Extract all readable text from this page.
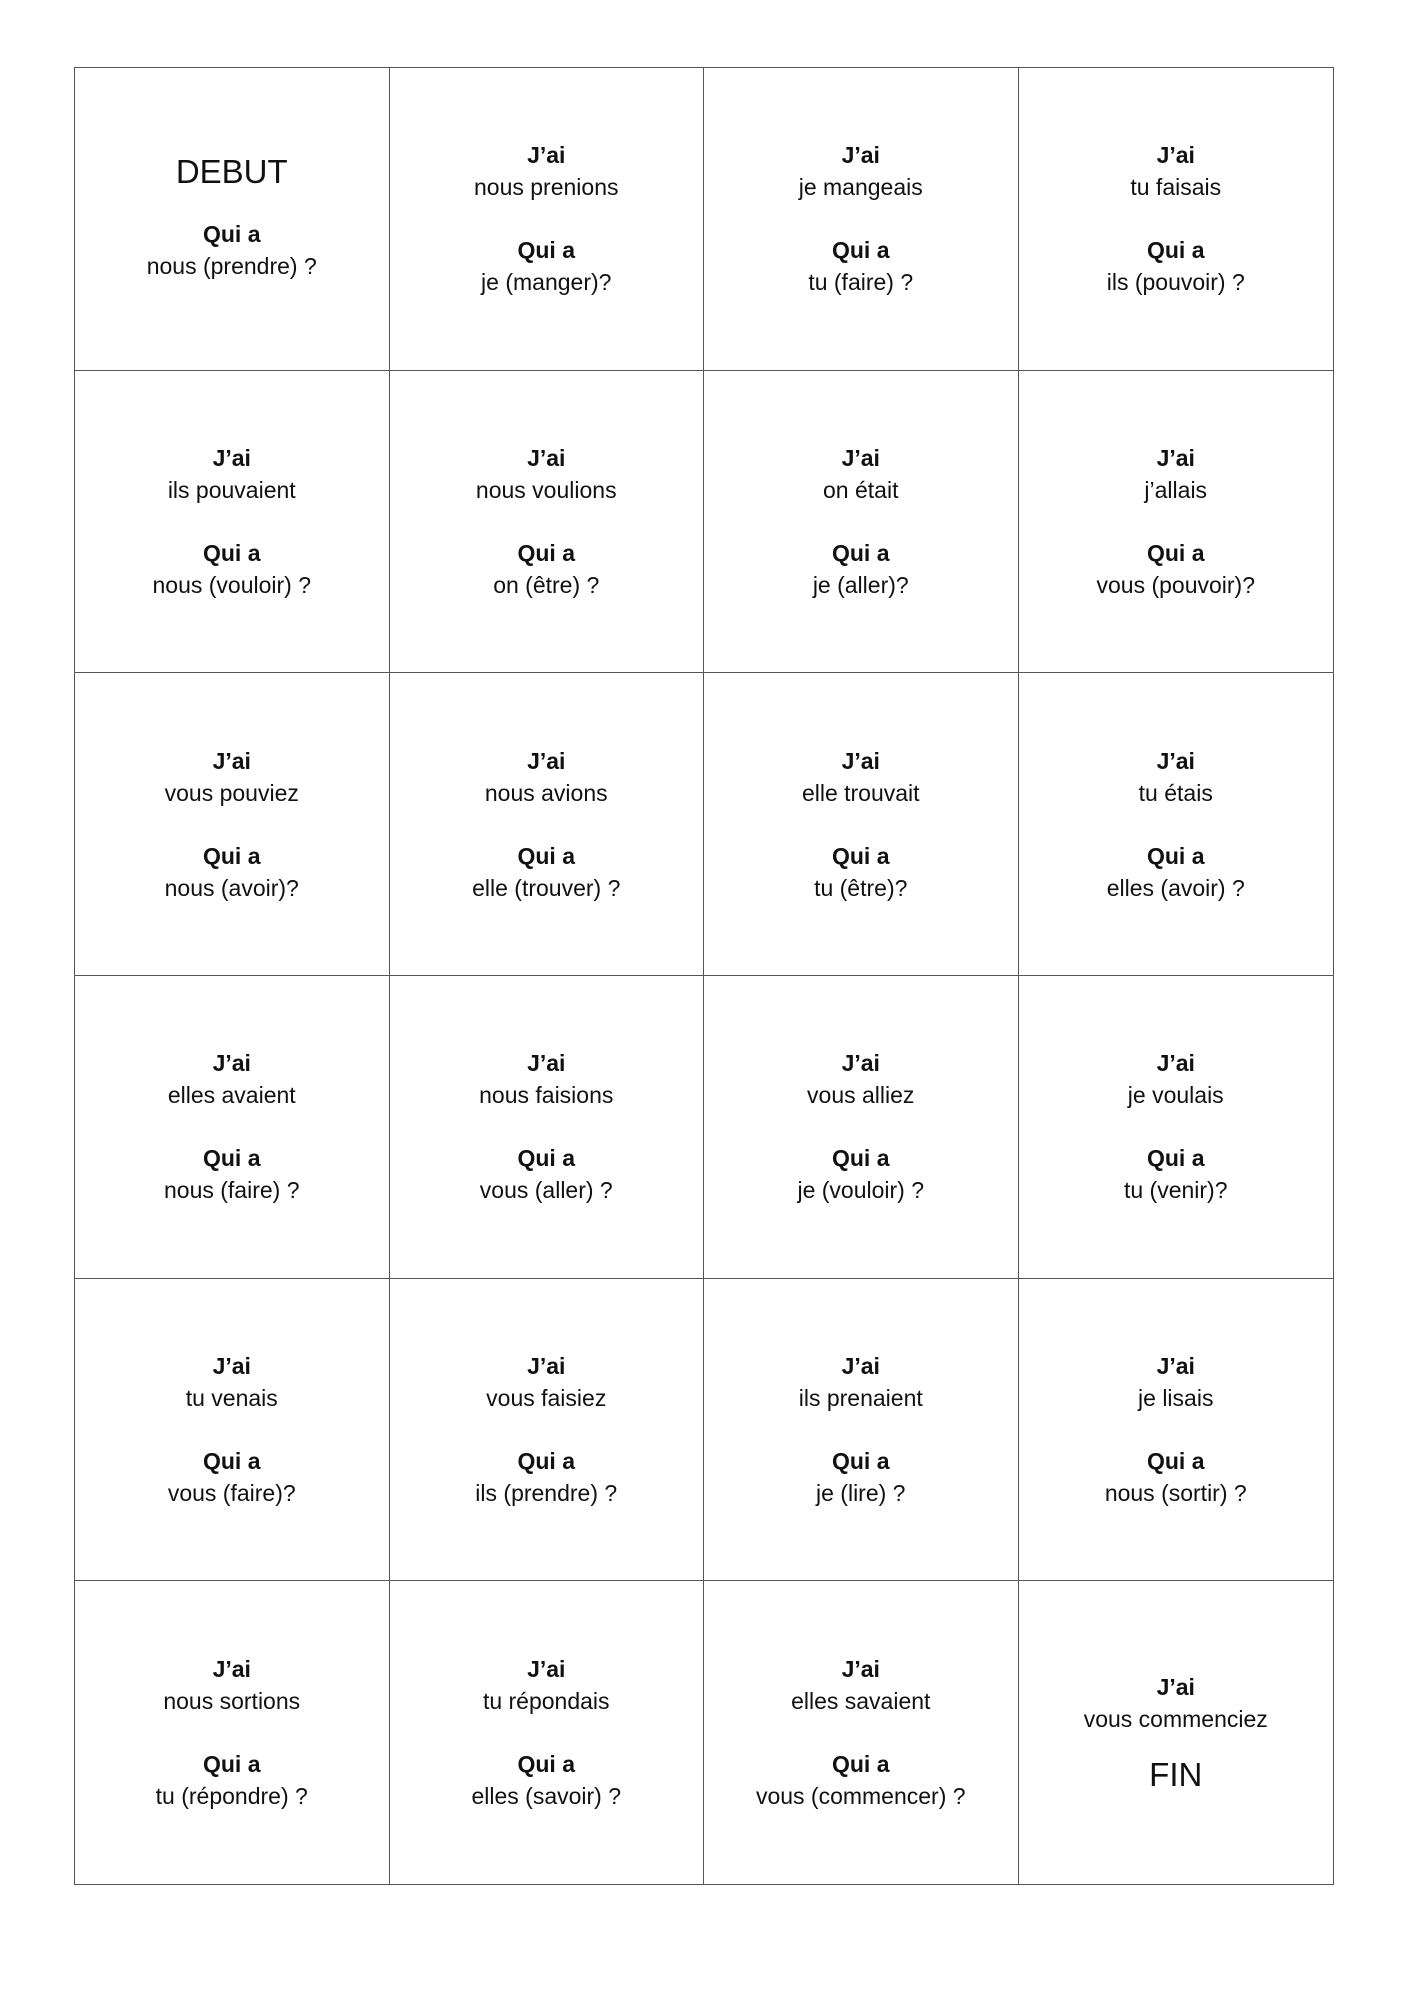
DEBUT
Qui a
nous (prendre) ?
J’ai
nous prenions
Qui a
je (manger)?
J’ai
je mangeais
Qui a
tu (faire) ?
J’ai
tu faisais
Qui a
ils (pouvoir) ?
J’ai
ils pouvaient
Qui a
nous (vouloir) ?
J’ai
nous voulions
Qui a
on (être) ?
J’ai
on était
Qui a
je (aller)?
J’ai
j’allais
Qui a
vous (pouvoir)?
J’ai
vous pouviez
Qui a
nous (avoir)?
J’ai
nous avions
Qui a
elle (trouver) ?
J’ai
elle trouvait
Qui a
tu (être)?
J’ai
tu étais
Qui a
elles (avoir) ?
J’ai
elles avaient
Qui a
nous (faire) ?
J’ai
nous faisions
Qui a
vous (aller) ?
J’ai
vous alliez
Qui a
je (vouloir) ?
J’ai
je voulais
Qui a
tu (venir)?
J’ai
tu venais
Qui a
vous (faire)?
J’ai
vous faisiez
Qui a
ils (prendre) ?
J’ai
ils prenaient
Qui a
je (lire) ?
J’ai
je lisais
Qui a
nous (sortir) ?
J’ai
nous sortions
Qui a
tu (répondre) ?
J’ai
tu répondais
Qui a
elles (savoir) ?
J’ai
elles savaient
Qui a
vous (commencer) ?
J’ai
vous commenciez
FIN
